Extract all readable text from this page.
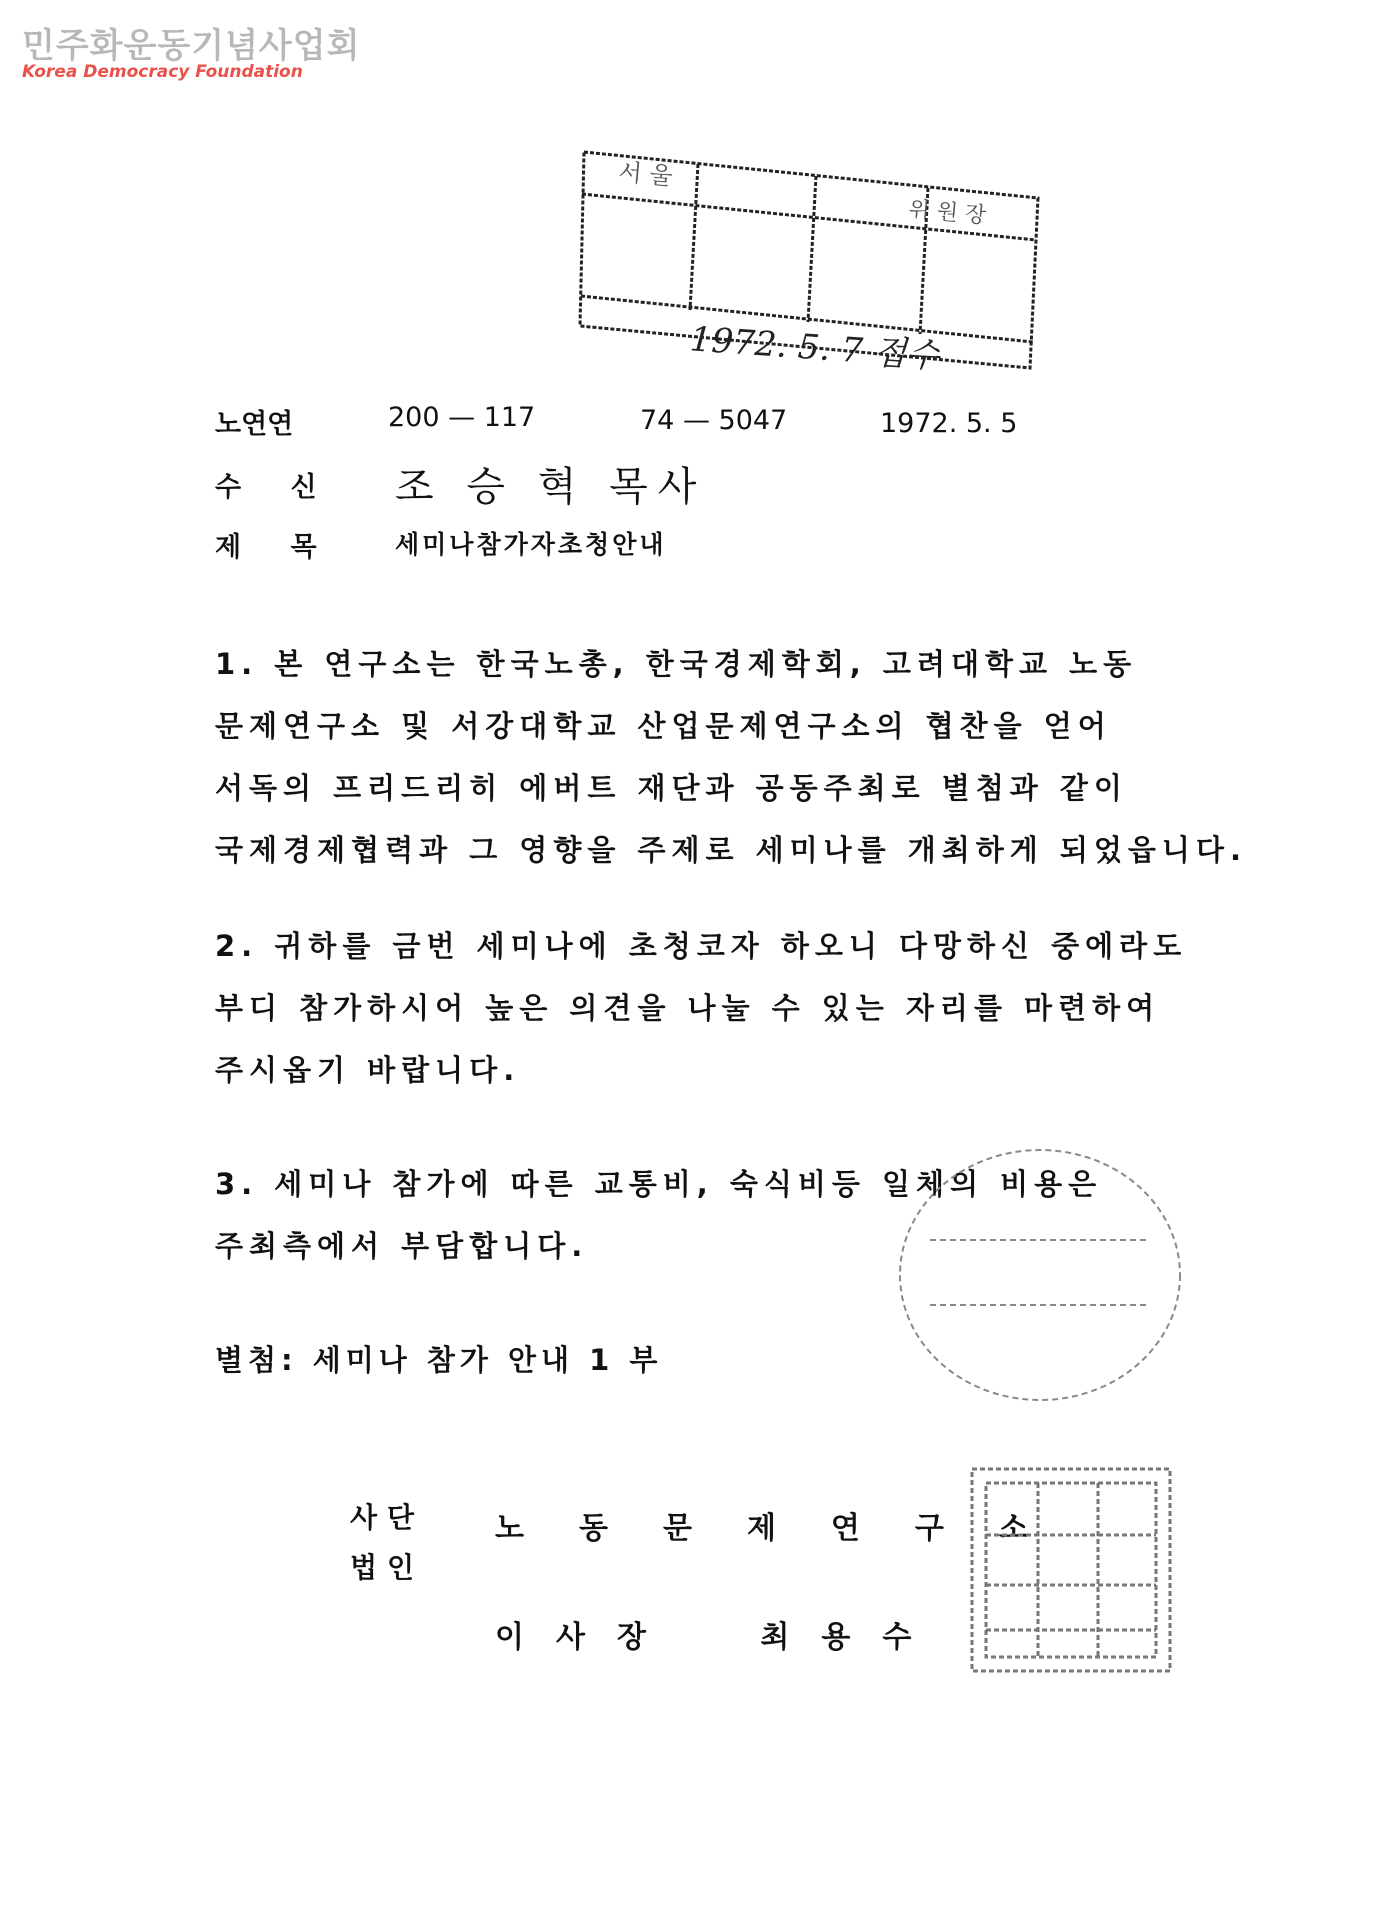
민주화운동기념사업회
Korea Democracy Foundation
서 울
위 원 장
1972. 5. 7 접수
노연연	200 — 117	74 — 5047	1972. 5. 5
수 신 조 승 혁 목사
제 목 세미나참가자초청안내
1. 본 연구소는 한국노총, 한국경제학회, 고려대학교 노동
문제연구소 및 서강대학교 산업문제연구소의 협찬을 얻어
서독의 프리드리히 에버트 재단과 공동주최로 별첨과 같이
국제경제협력과 그 영향을 주제로 세미나를 개최하게 되었읍니다.
2. 귀하를 금번 세미나에 초청코자 하오니 다망하신 중에라도
부디 참가하시어 높은 의견을 나눌 수 있는 자리를 마련하여
주시옵기 바랍니다.
3. 세미나 참가에 따른 교통비, 숙식비등 일체의 비용은
주최측에서 부담합니다.
별첨: 세미나 참가 안내 1 부
사단
법인
노동문제연구소
이사장	최용수
